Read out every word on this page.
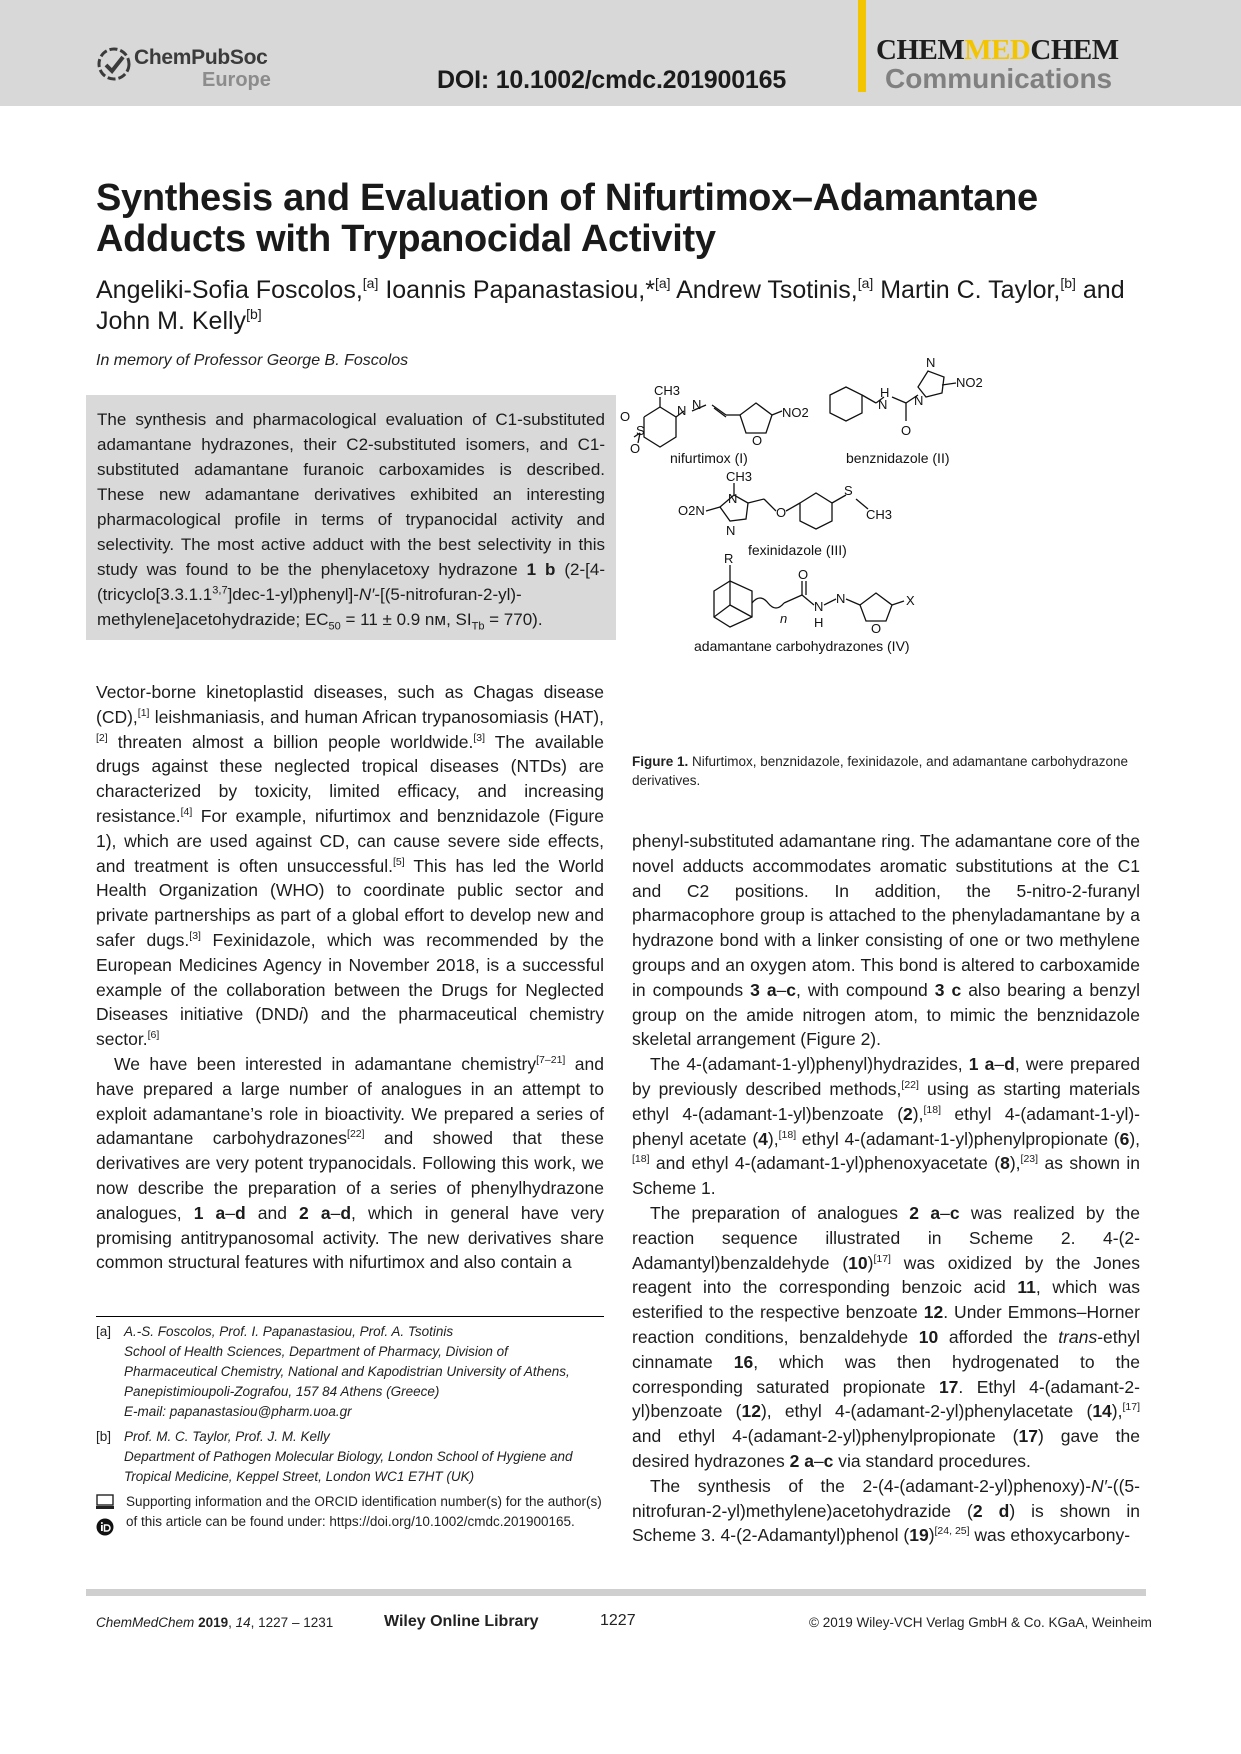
ChemPubSoc
Europe	DOI: 10.1002/cmdc.201900165
CHEMMEDCHEM
Communications
Synthesis and Evaluation of Nifurtimox–Adamantane Adducts with Trypanocidal Activity
Angeliki-Sofia Foscolos,[a] Ioannis Papanastasiou,*[a] Andrew Tsotinis,[a] Martin C. Taylor,[b] and John M. Kelly[b]
In memory of Professor George B. Foscolos

The synthesis and pharmacological evaluation of C1-substituted adamantane hydrazones, their C2-substituted isomers, and C1-substituted adamantane furanoic carboxamides is described. These new adamantane derivatives exhibited an interesting pharmacological profile in terms of trypanocidal activity and selectivity. The most active adduct with the best selectivity in this study was found to be the phenylacetoxy hydrazone 1 b (2-[4-(tricyclo[3.3.1.1$^{3,7}$]dec-1-yl)phenyl]-N′-[(5-nitrofuran-2-yl)-methylene]acetohydrazide; $EC_{50} = 11 \pm 0.9$ nм, $SI_{Tb} = 770$).

CH3
N N
O
S
O
O
NO2
N
H
O
N
N
NO2
CH3
N
N
O2N	O
S
CH3
R
n
O
N
H
N
O
X
nifurtimox (I)	benznidazole (II)
fexinidazole (III)
adamantane carbohydrazones (IV)

Figure 1. Nifurtimox, benznidazole, fexinidazole, and adamantane carbohydrazone derivatives.

Vector-borne kinetoplastid diseases, such as Chagas disease (CD),[1] leishmaniasis, and human African trypanosomiasis (HAT),[2] threaten almost a billion people worldwide.[3] The available drugs against these neglected tropical diseases (NTDs) are characterized by toxicity, limited efficacy, and increasing resistance.[4] For example, nifurtimox and benznidazole (Figure 1), which are used against CD, can cause severe side effects, and treatment is often unsuccessful.[5] This has led the World Health Organization (WHO) to coordinate public sector and private partnerships as part of a global effort to develop new and safer dugs.[3] Fexinidazole, which was recommended by the European Medicines Agency in November 2018, is a successful example of the collaboration between the Drugs for Neglected Diseases initiative (DNDi) and the pharmaceutical chemistry sector.[6]

We have been interested in adamantane chemistry[7–21] and have prepared a large number of analogues in an attempt to exploit adamantane’s role in bioactivity. We prepared a series of adamantane carbohydrazones[22] and showed that these derivatives are very potent trypanocidals. Following this work, we now describe the preparation of a series of phenylhydrazone analogues, 1 a–d and 2 a–d, which in general have very promising antitrypanosomal activity. The new derivatives share common structural features with nifurtimox and also contain a

phenyl-substituted adamantane ring. The adamantane core of the novel adducts accommodates aromatic substitutions at the C1 and C2 positions. In addition, the 5-nitro-2-furanyl pharmacophore group is attached to the phenyladamantane by a hydrazone bond with a linker consisting of one or two methylene groups and an oxygen atom. This bond is altered to carboxamide in compounds 3 a–c, with compound 3 c also bearing a benzyl group on the amide nitrogen atom, to mimic the benznidazole skeletal arrangement (Figure 2).

The 4-(adamant-1-yl)phenyl)hydrazides, 1 a–d, were prepared by previously described methods,[22] using as starting materials ethyl 4-(adamant-1-yl)benzoate (2),[18] ethyl 4-(adamant-1-yl)-phenyl acetate (4),[18] ethyl 4-(adamant-1-yl)phenylpropionate (6),[18] and ethyl 4-(adamant-1-yl)phenoxyacetate (8),[23] as shown in Scheme 1.

The preparation of analogues 2 a–c was realized by the reaction sequence illustrated in Scheme 2. 4-(2-Adamantyl)benzaldehyde (10)[17] was oxidized by the Jones reagent into the corresponding benzoic acid 11, which was esterified to the respective benzoate 12. Under Emmons–Horner reaction conditions, benzaldehyde 10 afforded the trans-ethyl cinnamate 16, which was then hydrogenated to the corresponding saturated propionate 17. Ethyl 4-(adamant-2-yl)benzoate (12), ethyl 4-(adamant-2-yl)phenylacetate (14),[17] and ethyl 4-(adamant-2-yl)phenylpropionate (17) gave the desired hydrazones 2 a–c via standard procedures.

The synthesis of the 2-(4-(adamant-2-yl)phenoxy)-N′-((5-nitrofuran-2-yl)methylene)acetohydrazide (2 d) is shown in Scheme 3. 4-(2-Adamantyl)phenol (19)[24, 25] was ethoxycarbony-

[a] A.-S. Foscolos, Prof. I. Papanastasiou, Prof. A. Tsotinis
School of Health Sciences, Department of Pharmacy, Division of Pharmaceutical Chemistry, National and Kapodistrian University of Athens, Panepistimioupoli-Zografou, 157 84 Athens (Greece)
E-mail: papanastasiou@pharm.uoa.gr
[b] Prof. M. C. Taylor, Prof. J. M. Kelly
Department of Pathogen Molecular Biology, London School of Hygiene and Tropical Medicine, Keppel Street, London WC1 E7HT (UK)

Supporting information and the ORCID identification number(s) for the author(s) of this article can be found under: https://doi.org/10.1002/cmdc.201900165.
ChemMedChem 2019, 14, 1227 – 1231	Wiley Online Library	1227	© 2019 Wiley-VCH Verlag GmbH & Co. KGaA, Weinheim
